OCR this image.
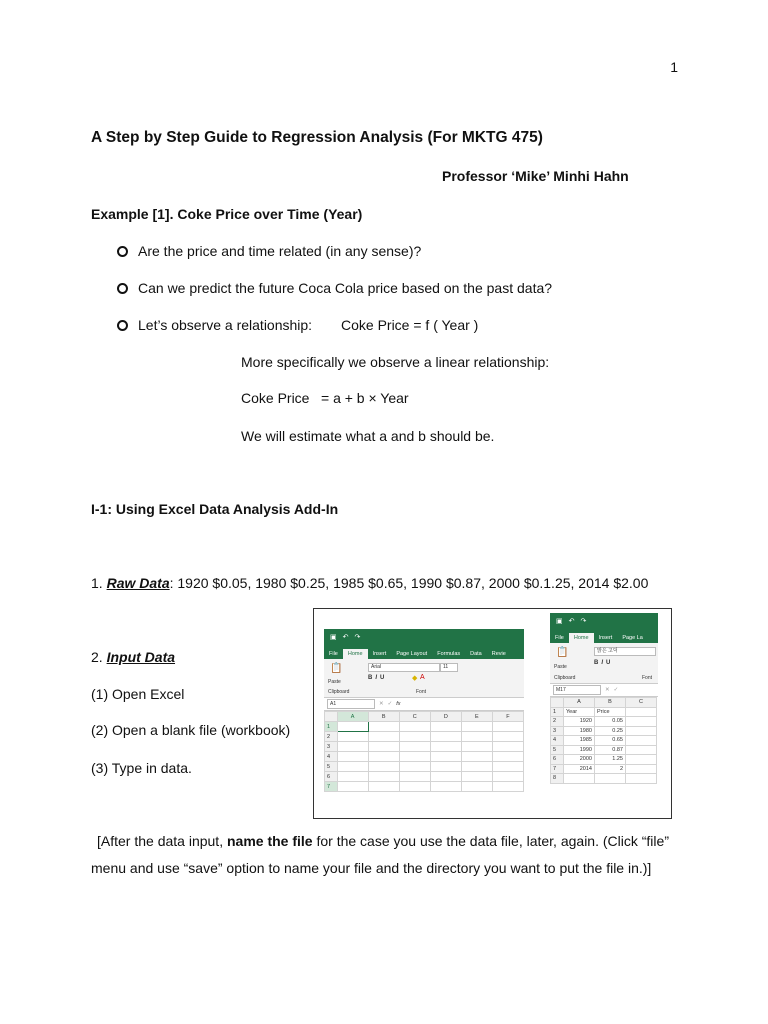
1
A Step by Step Guide to Regression Analysis (For MKTG 475)
Professor ‘Mike’ Minhi Hahn
Example [1]. Coke Price over Time (Year)
Are the price and time related (in any sense)?
Can we predict the future Coca Cola price based on the past data?
Let’s observe a relationship: Coke Price = f ( Year )
More specifically we observe a linear relationship:
Coke Price = a + b × Year
We will estimate what a and b should be.
I-1: Using Excel Data Analysis Add-In
1. Raw Data: 1920 $0.05, 1980 $0.25, 1985 $0.65, 1990 $0.87, 2000 $0.1.25, 2014 $2.00
2. Input Data
(1) Open Excel
(2) Open a blank file (workbook)
(3) Type in data.
[After the data input, name the file for the case you use the data file, later, again. (Click “file”
menu and use “save” option to name your file and the directory you want to put the file in.)]
▣ ↶ ↷
File	Home	Insert	Page Layout	Formulas	Data	Revie
📋
Paste
Arial	11
BIU	A
◆
Clipboard	Font
A1	✕ ✓ fx
	A	B	C	D	E	F
1						
2						
3						
4						
5						
6						
7						
▣ ↶ ↷
File	Home	Insert	Page La
📋
Paste
맑은 고딕
BIU
Clipboard	Font
M17	✕ ✓
	A	B	C
1	Year	Price	
2	1920	0.05	
3	1980	0.25	
4	1985	0.65	
5	1990	0.87	
6	2000	1.25	
7	2014	2	
8			
